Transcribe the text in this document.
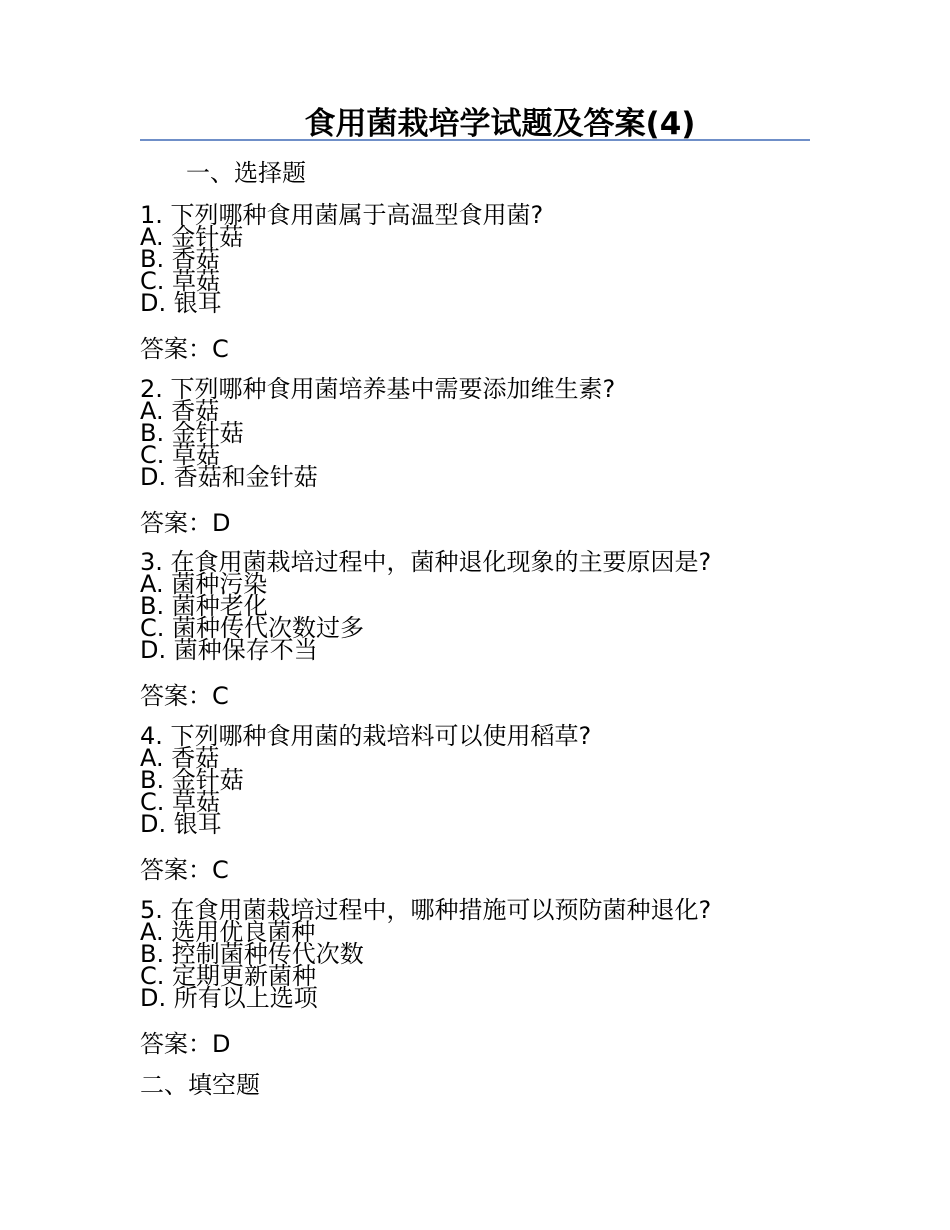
食用菌栽培学试题及答案(4)
一、选择题
1. 下列哪种食用菌属于高温型食用菌?
A. 金针菇
B. 香菇
C. 草菇
D. 银耳
答案：C
2. 下列哪种食用菌培养基中需要添加维生素?
A. 香菇
B. 金针菇
C. 草菇
D. 香菇和金针菇
答案：D
3. 在食用菌栽培过程中，菌种退化现象的主要原因是?
A. 菌种污染
B. 菌种老化
C. 菌种传代次数过多
D. 菌种保存不当
答案：C
4. 下列哪种食用菌的栽培料可以使用稻草?
A. 香菇
B. 金针菇
C. 草菇
D. 银耳
答案：C
5. 在食用菌栽培过程中，哪种措施可以预防菌种退化?
A. 选用优良菌种
B. 控制菌种传代次数
C. 定期更新菌种
D. 所有以上选项
答案：D
二、填空题
